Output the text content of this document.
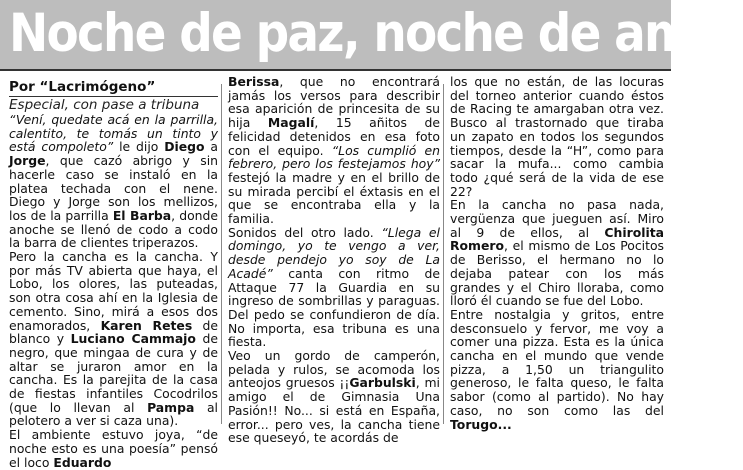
Noche de paz, noche de amor

Por “Lacrimógeno”

Especial, con pase a tribuna

“Vení, quedate acá en la parrilla, calentito, te tomás un tinto y está compoleto” le dijo Diego a Jorge, que cazó abrigo y sin hacerle caso se instaló en la platea techada con el nene. Diego y Jorge son los mellizos, los de la parrilla El Barba, donde anoche se llenó de codo a codo la barra de clientes triperazos.

Pero la cancha es la cancha. Y por más TV abierta que haya, el Lobo, los olores, las puteadas, son otra cosa ahí en la Iglesia de cemento. Sino, mirá a esos dos enamorados, Karen Retes de blanco y Luciano Cammajo de negro, que mingaa de cura y de altar se juraron amor en la cancha. Es la parejita de la casa de fiestas infantiles Cocodrilos (que lo llevan al Pampa al pelotero a ver si caza una).

El ambiente estuvo joya, “de noche esto es una poesía” pensó el loco Eduardo

Berissa, que no encontrará jamás los versos para describir esa aparición de princesita de su hija Magalí, 15 añitos de felicidad detenidos en esa foto con el equipo. “Los cumplió en febrero, pero los festejamos hoy” festejó la madre y en el brillo de su mirada percibí el éxtasis en el que se encontraba ella y la familia.

Sonidos del otro lado. “Llega el domingo, yo te vengo a ver, desde pendejo yo soy de La Acadé” canta con ritmo de Attaque 77 la Guardia en su ingreso de sombrillas y paraguas. Del pedo se confundieron de día. No importa, esa tribuna es una fiesta.

Veo un gordo de camperón, pelada y rulos, se acomoda los anteojos gruesos ¡¡Garbulski, mi amigo el de Gimnasia Una Pasión!! No... si está en España, error... pero ves, la cancha tiene ese queseyó, te acordás de

los que no están, de las locuras del torneo anterior cuando éstos de Racing te amargaban otra vez. Busco al trastornado que tiraba un zapato en todos los segundos tiempos, desde la “H”, como para sacar la mufa... como cambia todo ¿qué será de la vida de ese 22?

En la cancha no pasa nada, vergüenza que jueguen así. Miro al 9 de ellos, al Chirolita Romero, el mismo de Los Pocitos de Berisso, el hermano no lo dejaba patear con los más grandes y el Chiro lloraba, como lloró él cuando se fue del Lobo.

Entre nostalgia y gritos, entre desconsuelo y fervor, me voy a comer una pizza. Esta es la única cancha en el mundo que vende pizza, a 1,50 un triangulito generoso, le falta queso, le falta sabor (como al partido). No hay caso, no son como las del Torugo...
